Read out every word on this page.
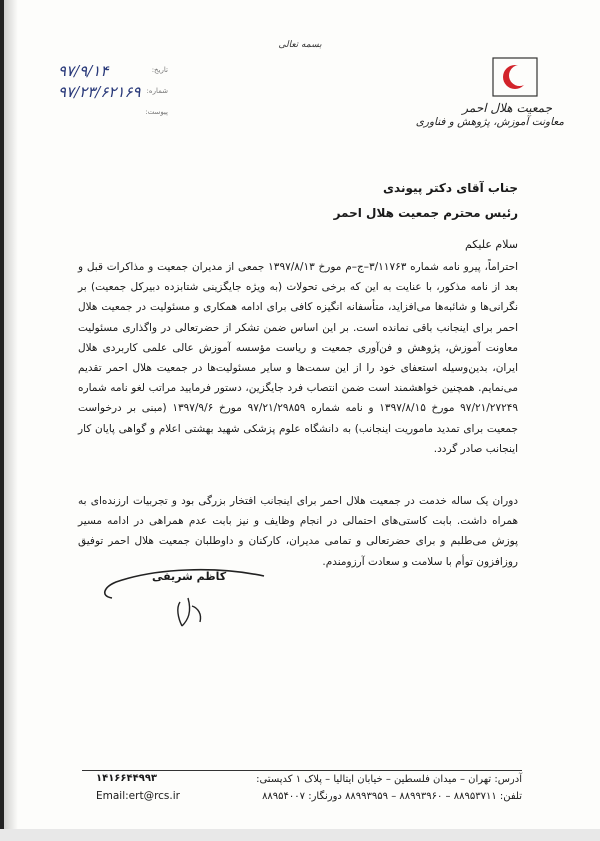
بسمه تعالی
جمعیت هلال احمر
معاونت آموزش، پژوهش و فناوری
۹۷/۹/۱۴	تاریخ:
۹۷/۲۳/۶۲۱۶۹ شماره:
پیوست:
جناب آقای دکتر پیوندی
رئیس محترم جمعیت هلال احمر
سلام علیکم
احتراماً، پیرو نامه شماره ۳/۱۱۷۶۳–ج–م مورخ ۱۳۹۷/۸/۱۳ جمعی از مدیران جمعیت و مذاکرات قبل و بعد از نامه مذکور، با عنایت به این که برخی تحولات (به ویژه جایگزینی شتابزده دبیرکل جمعیت) بر نگرانی‌ها و شائبه‌ها می‌افزاید، متأسفانه انگیزه کافی برای ادامه همکاری و مسئولیت در جمعیت هلال احمر برای اینجانب باقی نمانده است. بر این اساس ضمن تشکر از حضرتعالی در واگذاری مسئولیت معاونت آموزش، پژوهش و فن‌آوری جمعیت و ریاست مؤسسه آموزش عالی علمی کاربردی هلال ایران، بدین‌وسیله استعفای خود را از این سمت‌ها و سایر مسئولیت‌ها در جمعیت هلال احمر تقدیم می‌نمایم. همچنین خواهشمند است ضمن انتصاب فرد جایگزین، دستور فرمایید مراتب لغو نامه شماره ۹۷/۲۱/۲۷۲۴۹ مورخ ۱۳۹۷/۸/۱۵ و نامه شماره ۹۷/۲۱/۲۹۸۵۹ مورخ ۱۳۹۷/۹/۶ (مبنی بر درخواست جمعیت برای تمدید ماموریت اینجانب) به دانشگاه علوم پزشکی شهید بهشتی اعلام و گواهی پایان کار اینجانب صادر گردد.
دوران یک ساله خدمت در جمعیت هلال احمر برای اینجانب افتخار بزرگی بود و تجربیات ارزنده‌ای به همراه داشت. بابت کاستی‌های احتمالی در انجام وظایف و نیز بابت عدم همراهی در ادامه مسیر پوزش می‌طلبم و برای حضرتعالی و تمامی مدیران، کارکنان و داوطلبان جمعیت هلال احمر توفیق روزافزون توأم با سلامت و سعادت آرزومندم.
کاظم شریفی
آدرس: تهران – میدان فلسطین – خیابان ایتالیا – پلاک ۱ کدپستی:
۱۴۱۶۶۴۴۹۹۳
تلفن: ۸۸۹۵۳۷۱۱ – ۸۸۹۹۳۹۶۰ – ۸۸۹۹۳۹۵۹ دورنگار: ۸۸۹۵۴۰۰۷
Email:ert@rcs.ir
